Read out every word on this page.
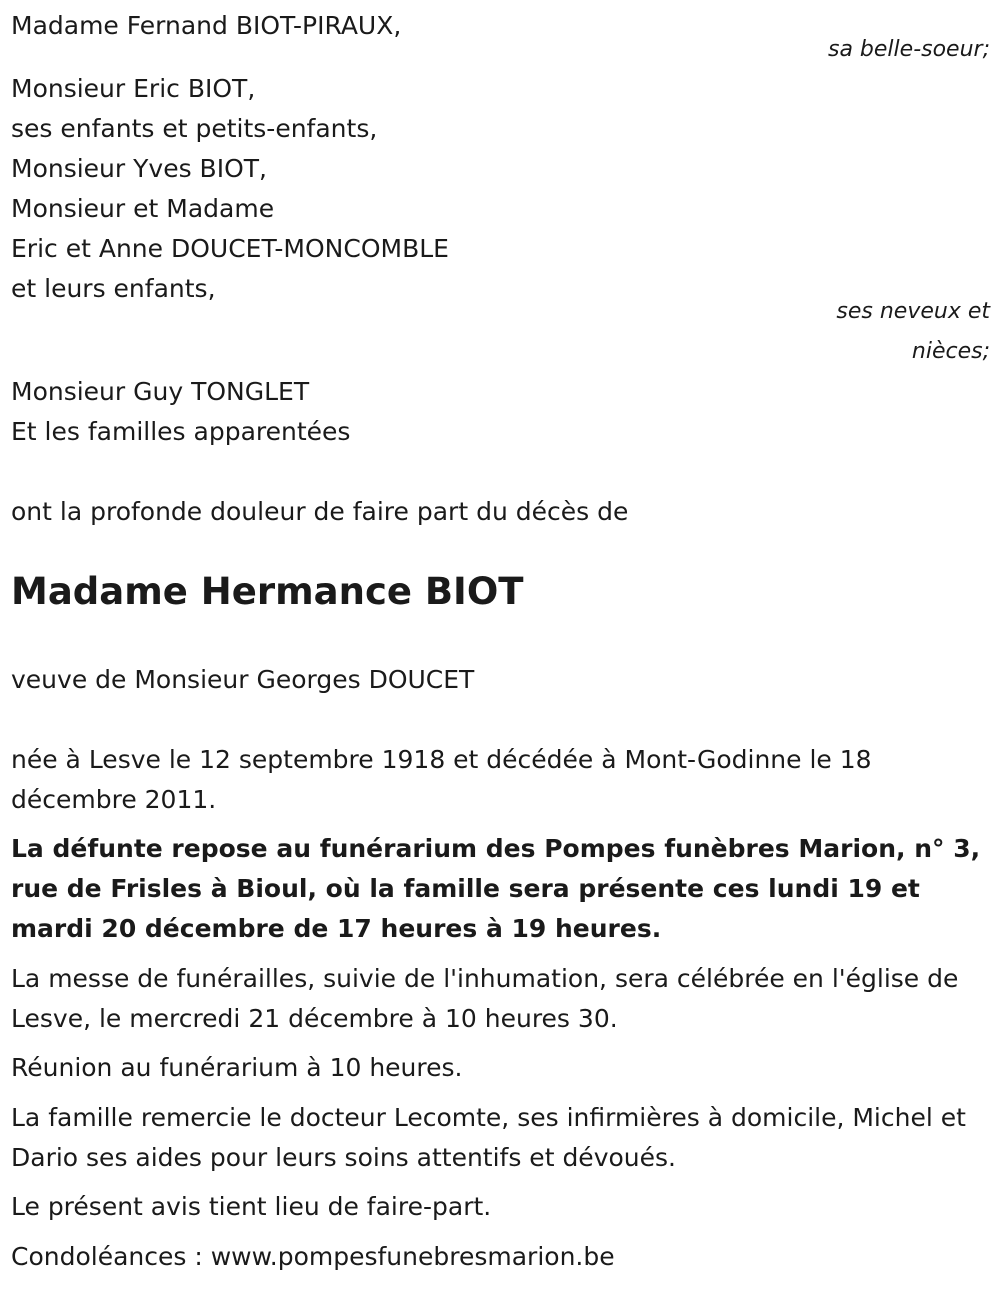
Madame Fernand BIOT-PIRAUX,
sa belle-soeur;
Monsieur Eric BIOT,
ses enfants et petits-enfants,
Monsieur Yves BIOT,
Monsieur et Madame
Eric et Anne DOUCET-MONCOMBLE
et leurs enfants,
ses neveux et
nièces;
Monsieur Guy TONGLET
Et les familles apparentées
ont la profonde douleur de faire part du décès de
Madame Hermance BIOT
veuve de Monsieur Georges DOUCET
née à Lesve le 12 septembre 1918 et décédée à Mont-Godinne le 18 décembre 2011.
La défunte repose au funérarium des Pompes funèbres Marion, n° 3, rue de Frisles à Bioul, où la famille sera présente ces lundi 19 et mardi 20 décembre de 17 heures à 19 heures.
La messe de funérailles, suivie de l'inhumation, sera célébrée en l'église de Lesve, le mercredi 21 décembre à 10 heures 30.
Réunion au funérarium à 10 heures.
La famille remercie le docteur Lecomte, ses infirmières à domicile, Michel et Dario ses aides pour leurs soins attentifs et dévoués.
Le présent avis tient lieu de faire-part.
Condoléances : www.pompesfunebresmarion.be
